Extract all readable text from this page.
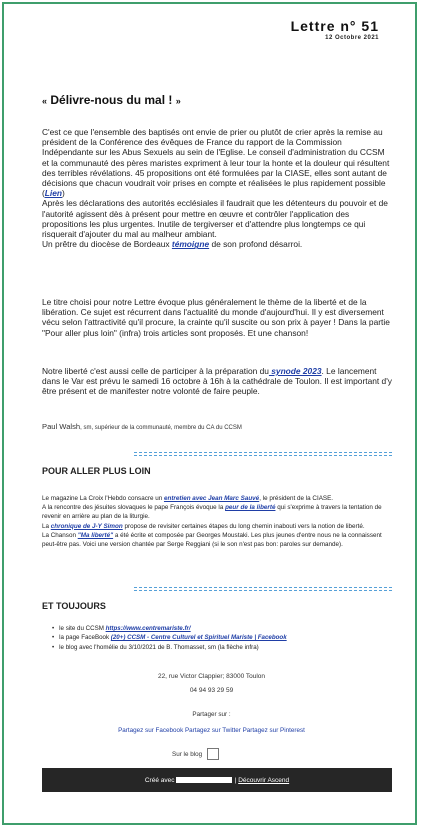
Lettre n° 51
12 Octobre 2021
« Délivre-nous du mal ! »

C'est ce que l'ensemble des baptisés ont envie de prier ou plutôt de crier après la remise au président de la Conférence des évêques de France du rapport de la Commission Indépendante sur les Abus Sexuels au sein de l'Eglise. Le conseil d'administration du CCSM et la communauté des pères maristes expriment à leur tour la honte et la douleur qui résultent des terribles révélations. 45 propositions ont été formulées par la CIASE, elles sont autant de décisions que chacun voudrait voir prises en compte et réalisées le plus rapidement possible (Lien)

Après les déclarations des autorités ecclésiales il faudrait que les détenteurs du pouvoir et de l'autorité agissent dès à présent pour mettre en œuvre et contrôler l'application des propositions les plus urgentes. Inutile de tergiverser et d'attendre plus longtemps ce qui risquerait d'ajouter du mal au malheur ambiant.

Un prêtre du diocèse de Bordeaux témoigne de son profond désarroi.

Le titre choisi pour notre Lettre évoque plus généralement le thème de la liberté et de la libération. Ce sujet est récurrent dans l'actualité du monde d'aujourd'hui. Il y est diversement vécu selon l'attractivité qu'il procure, la crainte qu'il suscite ou son prix à payer ! Dans la partie "Pour aller plus loin" (infra) trois articles sont proposés. Et une chanson!
Notre liberté c'est aussi celle de participer à la préparation du synode 2023. Le lancement dans le Var est prévu le samedi 16 octobre à 16h à la cathédrale de Toulon. Il est important d'y être présent et de manifester notre volonté de faire peuple.
Paul Walsh, sm, supérieur de la communauté, membre du CA du CCSM
POUR ALLER PLUS LOIN
Le magazine La Croix l'Hebdo consacre un entretien avec Jean Marc Sauvé, le président de la CIASE.
A la rencontre des jésuites slovaques le pape François évoque la peur de la liberté qui s'exprime à travers la tentation de revenir en arrière au plan de la liturgie.
La chronique de J-Y Simon propose de revisiter certaines étapes du long chemin inabouti vers la notion de liberté.
La Chanson "Ma liberté" a été écrite et composée par Georges Moustaki. Les plus jeunes d'entre nous ne la connaissent peut-être pas. Voici une version chantée par Serge Reggiani (si le son n'est pas bon: paroles sur demande).
ET TOUJOURS
• le site du CCSM https://www.centremariste.fr/
• la page FaceBook (20+) CCSM - Centre Culturel et Spirituel Mariste | Facebook
• le blog avec l'homélie du 3/10/2021 de B. Thomasset, sm (la flèche infra)
22, rue Victor Clappier; 83000 Toulon
04 94 93 29 59
Partager sur :
Partagez sur Facebook Partagez sur Twitter Partagez sur Pinterest
Sur le blog
Créé avec	| Découvrir Ascend
